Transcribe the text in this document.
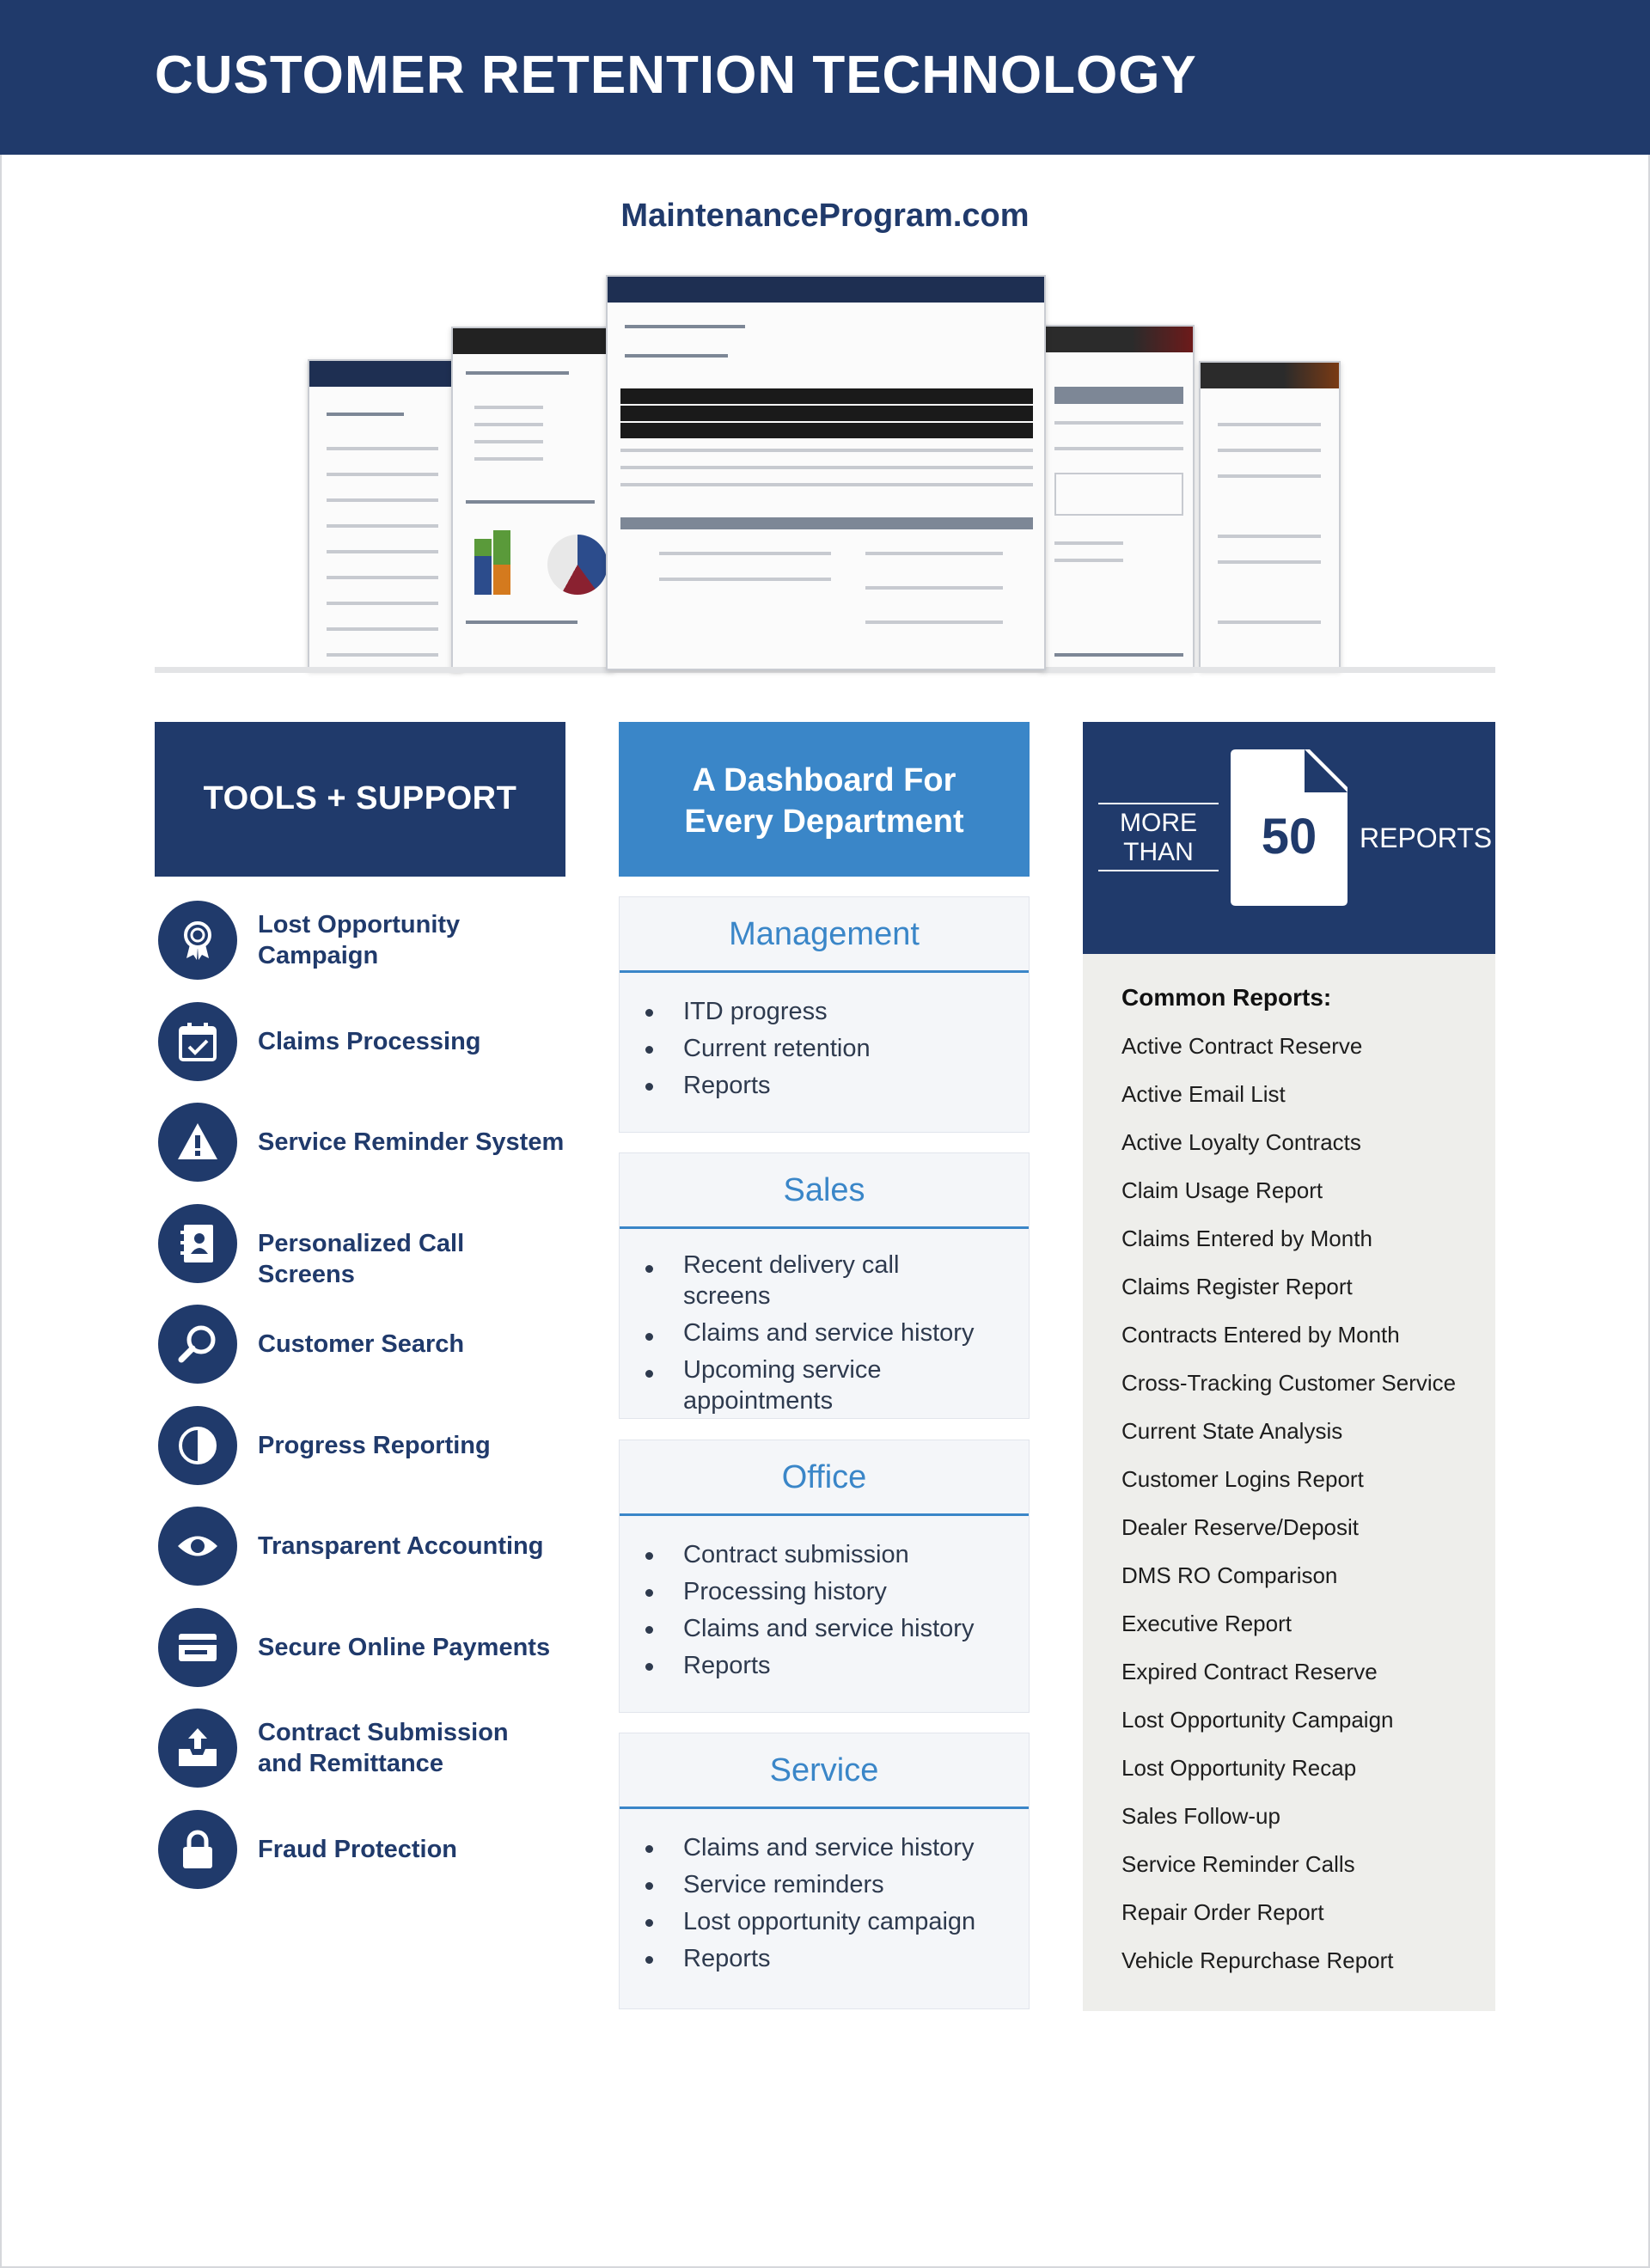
CUSTOMER RETENTION TECHNOLOGY
MaintenanceProgram.com
TOOLS + SUPPORT	A Dashboard For
Every Department	MORE
THAN	50	REPORTS
Lost Opportunity
Campaign
Claims Processing
Service Reminder System
Personalized Call Screens
Customer Search
Progress Reporting
Transparent Accounting
Secure Online Payments
Contract Submission
and Remittance
Fraud Protection
Management
ITD progress
Current retention
Reports
Sales
Recent delivery call screens
Claims and service history
Upcoming service appointments
Office
Contract submission
Processing history
Claims and service history
Reports
Service
Claims and service history
Service reminders
Lost opportunity campaign
Reports
Common Reports:
Active Contract Reserve
Active Email List
Active Loyalty Contracts
Claim Usage Report
Claims Entered by Month
Claims Register Report
Contracts Entered by Month
Cross-Tracking Customer Service
Current State Analysis
Customer Logins Report
Dealer Reserve/Deposit
DMS RO Comparison
Executive Report
Expired Contract Reserve
Lost Opportunity Campaign
Lost Opportunity Recap
Sales Follow-up
Service Reminder Calls
Repair Order Report
Vehicle Repurchase Report
